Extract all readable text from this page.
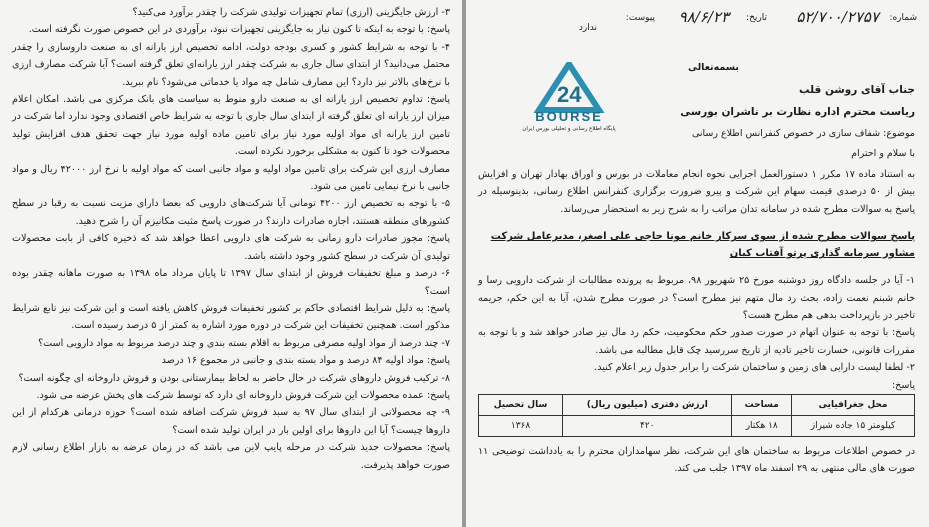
۳- ارزش جایگزینی (ارزی) تمام تجهیزات تولیدی شرکت را چقدر برآورد می‌کنید؟

پاسخ: با توجه به اینکه تا کنون نیاز به جایگزینی تجهیزات نبود، برآوردی در این خصوص صورت نگرفته است.

۴- با توجه به شرایط کشور و کسری بودجه دولت، ادامه تخصیص ارز یارانه ای به صنعت داروسازی را چقدر محتمل می‌دانید؟ از ابتدای سال جاری به شرکت چقدر ارز یارانه‌ای تعلق گرفته است؟ آیا شرکت مصارف ارزی با نرخ‌های بالاتر نیز دارد؟ این مصارف شامل چه مواد یا خدماتی می‌شود؟ نام ببرید.

پاسخ: تداوم تخصیص ارز یارانه ای به صنعت دارو منوط به سیاست های بانک مرکزی می باشد. امکان اعلام میزان ارز یارانه ای تعلق گرفته از ابتدای سال جاری با توجه به شرایط خاص اقتصادی وجود ندارد اما شرکت در تامین ارز یارانه ای مواد اولیه مورد نیاز برای تامین ماده اولیه مورد نیاز جهت تحقق هدف افزایش تولید محصولات خود تا کنون به مشکلی برخورد نکرده است.

مصارف ارزی این شرکت برای تامین مواد اولیه و مواد جانبی است که مواد اولیه با نرخ ارز ۴۲۰۰۰ ریال و مواد جانبی با نرخ نیمایی تامین می شود.

۵- با توجه به تخصیص ارز ۴۲۰۰ تومانی آیا شرکت‌های دارویی که بعضا دارای مزیت نسبت به رقبا در سطح کشورهای منطقه هستند، اجازه صادرات دارند؟ در صورت پاسخ مثبت مکانیزم آن را شرح دهید.

پاسخ: مجوز صادرات دارو زمانی به شرکت های دارویی اعطا خواهد شد که ذخیره کافی از بابت محصولات تولیدی آن شرکت در سطح کشور وجود داشته باشد.

۶- درصد و مبلغ تخفیفات فروش از ابتدای سال ۱۳۹۷ تا پایان مرداد ماه ۱۳۹۸ به صورت ماهانه چقدر بوده است؟

پاسخ: به دلیل شرایط اقتصادی حاکم بر کشور تخفیفات فروش کاهش یافته است و این شرکت نیز تابع شرایط مذکور است. همچنین تخفیفات این شرکت در دوره مورد اشاره به کمتر از ۵ درصد رسیده است.

۷- چند درصد از مواد اولیه مصرفی مربوط به اقلام بسته بندی و چند درصد مربوط به مواد دارویی است؟

پاسخ: مواد اولیه ۸۴ درصد و مواد بسته بندی و جانبی در مجموع ۱۶ درصد

۸- ترکیب فروش داروهای شرکت در حال حاضر به لحاظ بیمارستانی بودن و فروش داروخانه ای چگونه است؟

پاسخ: عمده محصولات این شرکت فروش داروخانه ای دارد که توسط شرکت های پخش عرضه می شود.

۹- چه محصولاتی از ابتدای سال ۹۷ به سبد فروش شرکت اضافه شده است؟ حوزه درمانی هرکدام از این داروها چیست؟ آیا این داروها برای اولین بار در ایران تولید شده است؟

پاسخ: محصولات جدید شرکت در مرحله پایپ لاین می باشد که در زمان عرضه به بازار اطلاع رسانی لازم صورت خواهد پذیرفت.

شماره:
۵۲/۷۰۰/۲۷۵۷
تاریخ:
۹۸/۶/۲۳
پیوست:
ندارد
24
BOURSE
پایگاه اطلاع رسانی و تحلیلی بورس ایران
بسمه‌تعالی
جناب آقای روشن قلب
ریاست محترم اداره نظارت بر ناشران بورسی
موضوع: شفاف سازی در خصوص کنفرانس اطلاع رسانی
با سلام و احترام

به استناد ماده ۱۷ مکرر ۱ دستورالعمل اجرایی نحوه انجام معاملات در بورس و اوراق بهادار تهران و افزایش بیش از ۵۰ درصدی قیمت سهام این شرکت و پیرو ضرورت برگزاری کنفرانس اطلاع رسانی، بدینوسیله در پاسخ به سوالات مطرح شده در سامانه تدان مراتب را به شرح زیر به استحضار می‌رساند.

پاسخ سوالات مطرح شده از سوی سرکار خانم مونا حاجی علی اصغر، مدیرعامل شرکت مشاور سرمایه گذاری پرتو آفتاب کیان

۱- آیا در جلسه دادگاه روز دوشنبه مورخ ۲۵ شهریور ۹۸، مربوط به پرونده مطالبات از شرکت دارویی رسا و خانم شبنم نعمت زاده، بحث رد مال متهم نیز مطرح است؟ در صورت مطرح شدن، آیا به این حکم، جریمه تاخیر در بازپرداخت بدهی هم مطرح هست؟

پاسخ: با توجه به عنوان اتهام در صورت صدور حکم محکومیت، حکم رد مال نیز صادر خواهد شد و با توجه به مقررات قانونی، خسارت تاخیر تادیه از تاریخ سررسید چک قابل مطالبه می باشد.

۲- لطفا لیست دارایی های زمین و ساختمان شرکت را برابر جدول زیر اعلام کنید.

پاسخ:

محل جغرافیایی	مساحت	ارزش دفتری (میلیون ریال)	سال تحصیل
کیلومتر ۱۵ جاده شیراز	۱۸ هکتار	۴۲۰	۱۳۶۸

در خصوص اطلاعات مربوط به ساختمان های این شرکت، نظر سهامداران محترم را به یادداشت توضیحی ۱۱ صورت های مالی منتهی به ۲۹ اسفند ماه ۱۳۹۷ جلب می کند.
